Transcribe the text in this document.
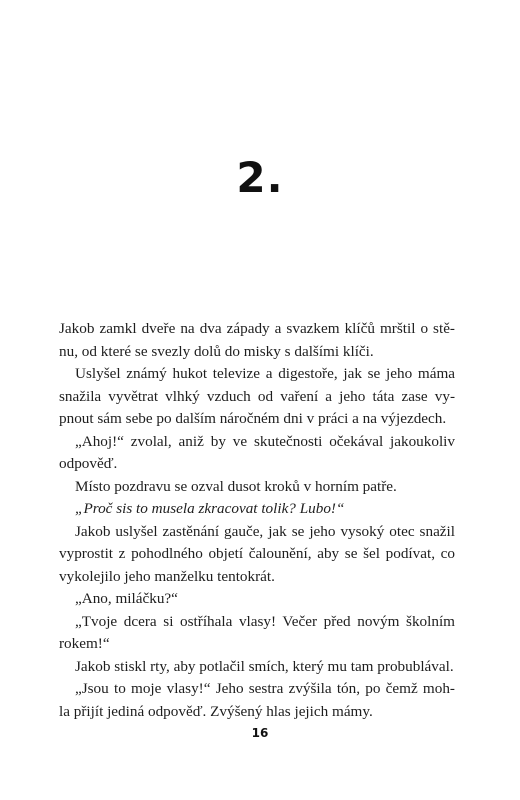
2.
Jakob zamkl dveře na dva západy a svazkem klíčů mrštil o stě-
nu, od které se svezly dolů do misky s dalšími klíči.
Uslyšel známý hukot televize a digestoře, jak se jeho máma
snažila vyvětrat vlhký vzduch od vaření a jeho táta zase vy-
pnout sám sebe po dalším náročném dni v práci a na výjezdech.
„Ahoj!“ zvolal, aniž by ve skutečnosti očekával jakoukoliv
odpověď.
Místo pozdravu se ozval dusot kroků v horním patře.
„Proč sis to musela zkracovat tolik? Lubo!“
Jakob uslyšel zastěnání gauče, jak se jeho vysoký otec snažil
vyprostit z pohodlného objetí čalounění, aby se šel podívat, co
vykolejilo jeho manželku tentokrát.
„Ano, miláčku?“
„Tvoje dcera si ostříhala vlasy! Večer před novým školním
rokem!“
Jakob stiskl rty, aby potlačil smích, který mu tam probublával.
„Jsou to moje vlasy!“ Jeho sestra zvýšila tón, po čemž moh-
la přijít jediná odpověď. Zvýšený hlas jejich mámy.
16
